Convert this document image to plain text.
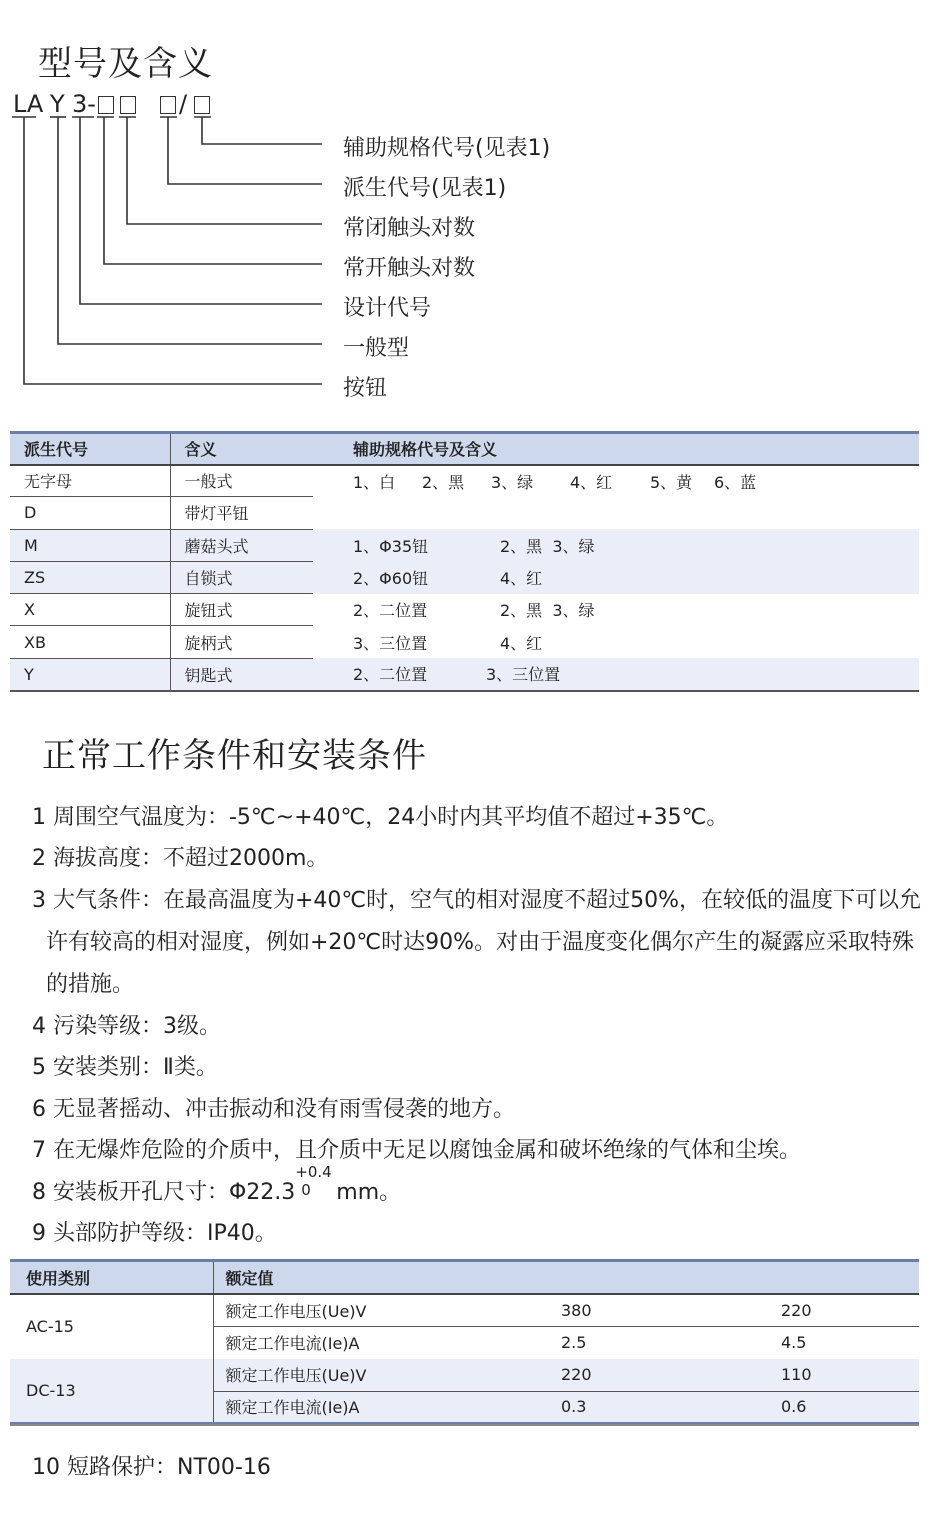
型号及含义
LA Y 3-	/
辅助规格代号(见表1)
派生代号(见表1)
常闭触头对数
常开触头对数
设计代号
一般型
按钮
派生代号	含义	辅助规格代号及含义
无字母	一般式	1、白 2、黑 3、绿 4、红 5、黄 6、蓝
D	带灯平钮	
M	蘑菇头式	1、Φ35钮 2、黑  3、绿
ZS	自锁式	2、Φ60钮 4、红
X	旋钮式	2、二位置 2、黑  3、绿
XB	旋柄式	3、三位置 4、红
Y	钥匙式	2、二位置 3、三位置
正常工作条件和安装条件
1 周围空气温度为：-5℃~+40℃，24小时内其平均值不超过+35℃。
2 海拔高度：不超过2000m。
3 大气条件：在最高温度为+40℃时，空气的相对湿度不超过50%，在较低的温度下可以允
许有较高的相对湿度，例如+20℃时达90%。对由于温度变化偶尔产生的凝露应采取特殊
的措施。
4 污染等级：3级。
5 安装类别：Ⅱ类。
6 无显著摇动、冲击振动和没有雨雪侵袭的地方。
7 在无爆炸危险的介质中，且介质中无足以腐蚀金属和破坏绝缘的气体和尘埃。
8 安装板开孔尺寸：Φ22.3
$^{+0.4 0}$ mm。
9 头部防护等级：IP40。
使用类别	额定值		
AC-15	额定工作电压(Ue)V	380	220
	额定工作电流(Ie)A	2.5	4.5
DC-13	额定工作电压(Ue)V	220	110
	额定工作电流(Ie)A	0.3	0.6
10 短路保护：NT00-16
